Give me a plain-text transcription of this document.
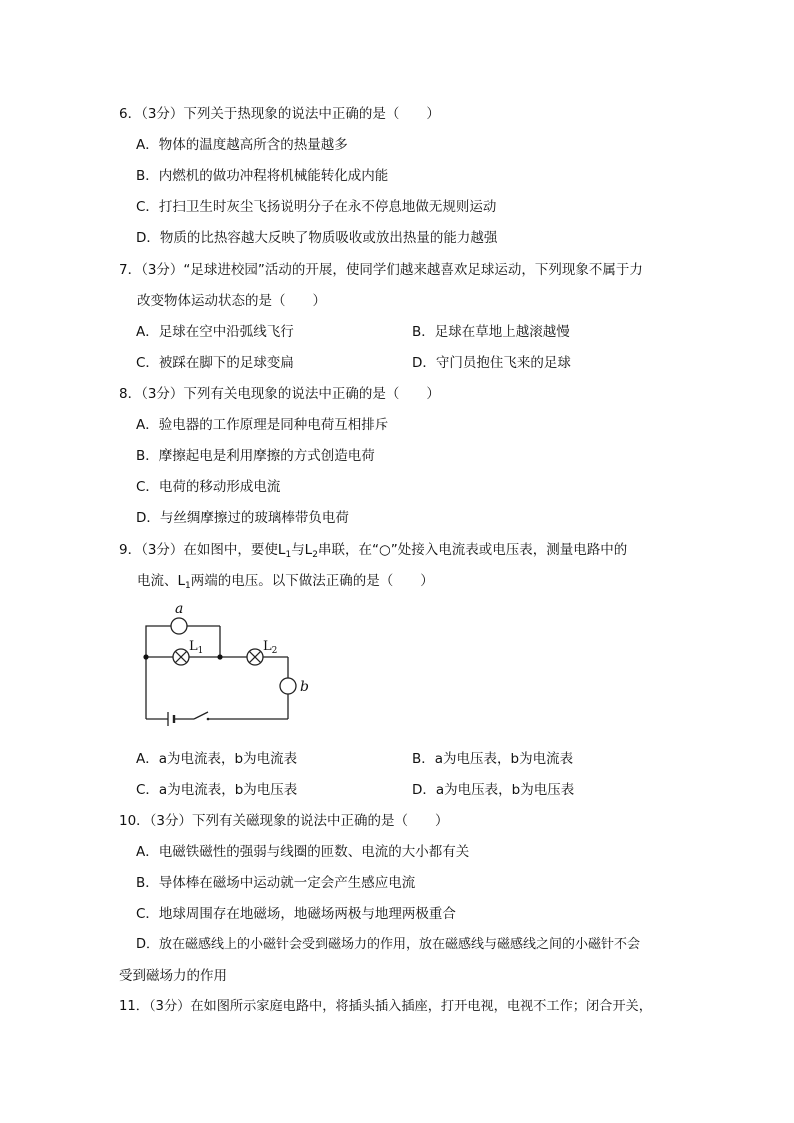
6．（3分）下列关于热现象的说法中正确的是（　　）
A．物体的温度越高所含的热量越多
B．内燃机的做功冲程将机械能转化成内能
C．打扫卫生时灰尘飞扬说明分子在永不停息地做无规则运动
D．物质的比热容越大反映了物质吸收或放出热量的能力越强
7．（3分）“足球进校园”活动的开展，使同学们越来越喜欢足球运动，下列现象不属于力
改变物体运动状态的是（　　）
A．足球在空中沿弧线飞行	B．足球在草地上越滚越慢
C．被踩在脚下的足球变扁	D．守门员抱住飞来的足球
8．（3分）下列有关电现象的说法中正确的是（　　）
A．验电器的工作原理是同种电荷互相排斥
B．摩擦起电是利用摩擦的方式创造电荷
C．电荷的移动形成电流
D．与丝绸摩擦过的玻璃棒带负电荷
9．（3分）在如图中，要使$L_1$与$L_2$串联，在“○”处接入电流表或电压表，测量电路中的
电流、$L_1$两端的电压。以下做法正确的是（　　）
a
$L_1$	$L_2$
b
A．a为电流表，b为电流表	B．a为电压表，b为电流表
C．a为电流表，b为电压表	D．a为电压表，b为电压表
10．（3分）下列有关磁现象的说法中正确的是（　　）
A．电磁铁磁性的强弱与线圈的匝数、电流的大小都有关
B．导体棒在磁场中运动就一定会产生感应电流
C．地球周围存在地磁场，地磁场两极与地理两极重合
D．放在磁感线上的小磁针会受到磁场力的作用，放在磁感线与磁感线之间的小磁针不会
受到磁场力的作用
11．（3分）在如图所示家庭电路中，将插头插入插座，打开电视，电视不工作；闭合开关，
